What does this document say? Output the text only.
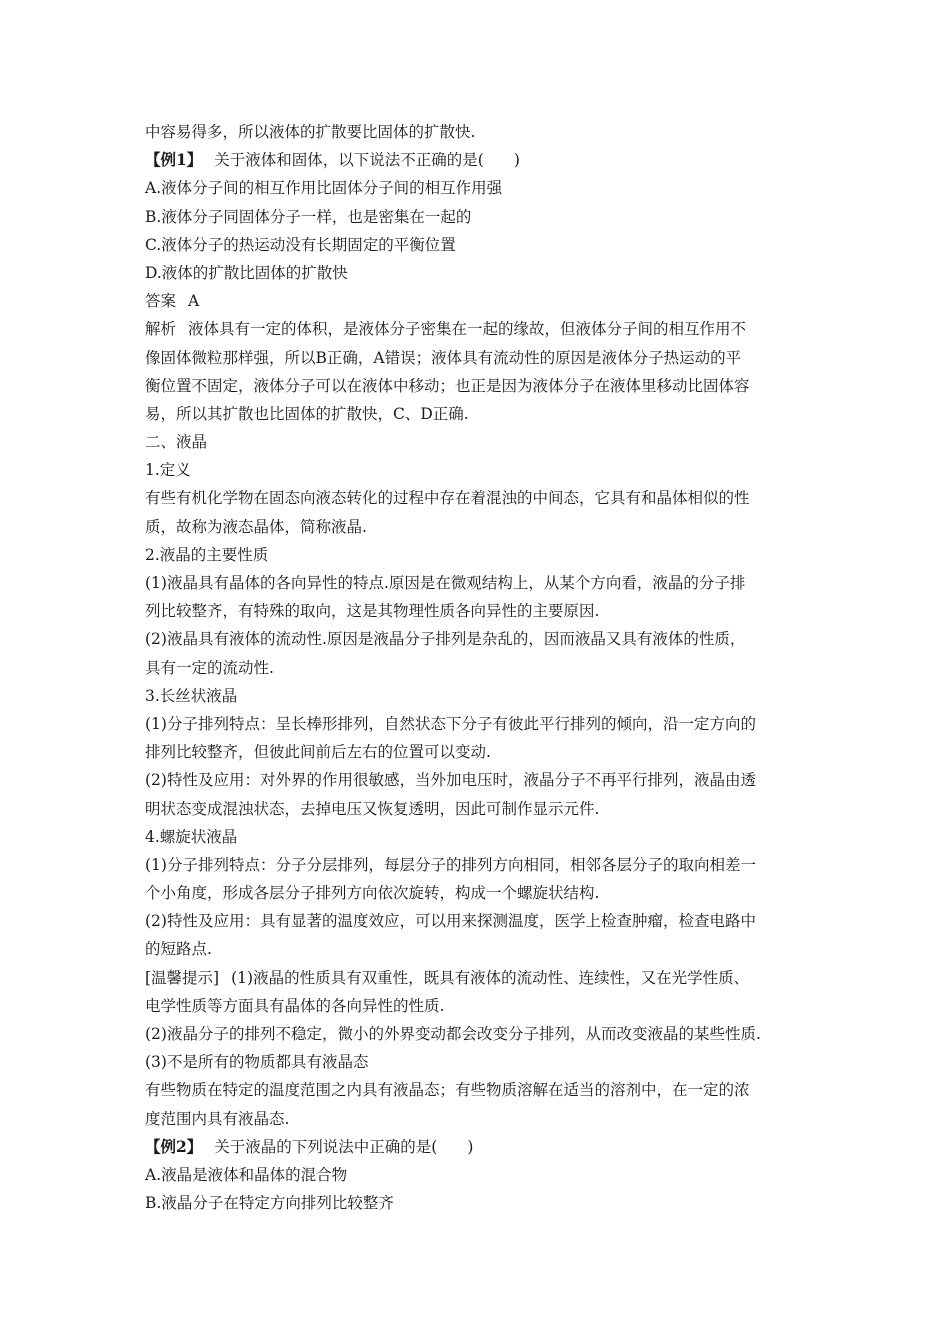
中容易得多，所以液体的扩散要比固体的扩散快.
【例1】 关于液体和固体，以下说法不正确的是( )
A.液体分子间的相互作用比固体分子间的相互作用强
B.液体分子同固体分子一样，也是密集在一起的
C.液体分子的热运动没有长期固定的平衡位置
D.液体的扩散比固体的扩散快
答案 A
解析 液体具有一定的体积，是液体分子密集在一起的缘故，但液体分子间的相互作用不
像固体微粒那样强，所以B正确，A错误；液体具有流动性的原因是液体分子热运动的平
衡位置不固定，液体分子可以在液体中移动；也正是因为液体分子在液体里移动比固体容
易，所以其扩散也比固体的扩散快，C、D正确.
二、液晶
1.定义
有些有机化学物在固态向液态转化的过程中存在着混浊的中间态，它具有和晶体相似的性
质，故称为液态晶体，简称液晶.
2.液晶的主要性质
(1)液晶具有晶体的各向异性的特点.原因是在微观结构上，从某个方向看，液晶的分子排
列比较整齐，有特殊的取向，这是其物理性质各向异性的主要原因.
(2)液晶具有液体的流动性.原因是液晶分子排列是杂乱的，因而液晶又具有液体的性质，
具有一定的流动性.
3.长丝状液晶
(1)分子排列特点：呈长棒形排列，自然状态下分子有彼此平行排列的倾向，沿一定方向的
排列比较整齐，但彼此间前后左右的位置可以变动.
(2)特性及应用：对外界的作用很敏感，当外加电压时，液晶分子不再平行排列，液晶由透
明状态变成混浊状态，去掉电压又恢复透明，因此可制作显示元件.
4.螺旋状液晶
(1)分子排列特点：分子分层排列，每层分子的排列方向相同，相邻各层分子的取向相差一
个小角度，形成各层分子排列方向依次旋转，构成一个螺旋状结构.
(2)特性及应用：具有显著的温度效应，可以用来探测温度，医学上检查肿瘤，检查电路中
的短路点.
[温馨提示] (1)液晶的性质具有双重性，既具有液体的流动性、连续性，又在光学性质、
电学性质等方面具有晶体的各向异性的性质.
(2)液晶分子的排列不稳定，微小的外界变动都会改变分子排列，从而改变液晶的某些性质.
(3)不是所有的物质都具有液晶态
有些物质在特定的温度范围之内具有液晶态；有些物质溶解在适当的溶剂中，在一定的浓
度范围内具有液晶态.
【例2】 关于液晶的下列说法中正确的是( )
A.液晶是液体和晶体的混合物
B.液晶分子在特定方向排列比较整齐
